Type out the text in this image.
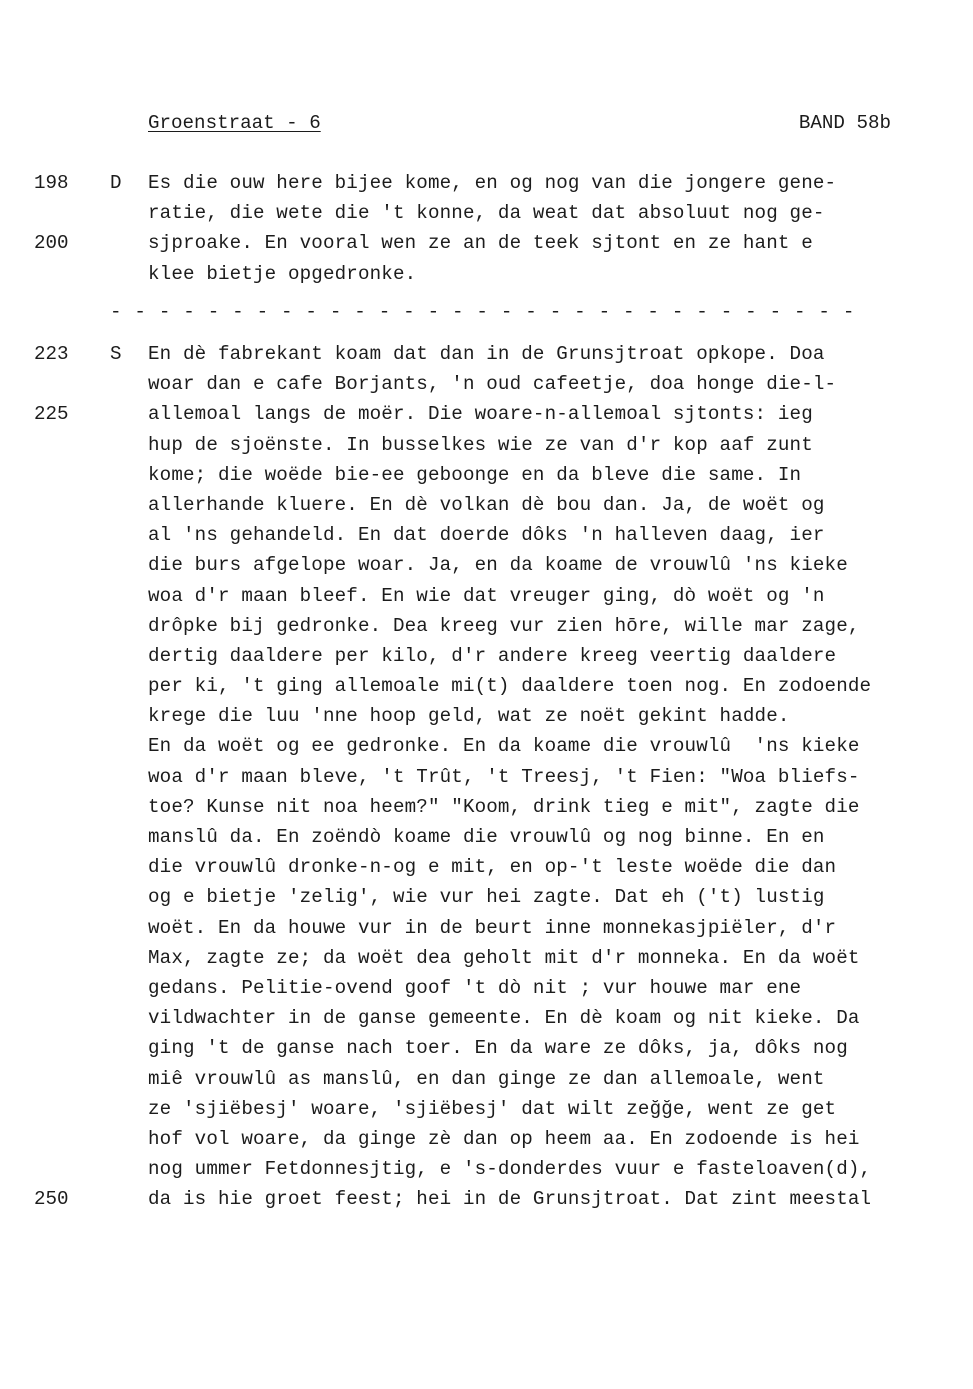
Groenstraat - 6	BAND 58b
198 D Es die ouw here bijee kome, en og nog van die jongere gene-
ratie, die wete die 't konne, da weat dat absoluut nog ge-
200	sjproake. En vooral wen ze an de teek sjtont en ze hant e
klee bietje opgedronke.
- - - - - - - - - - - - - - - - - - - - - - - - - - - - - - -
223 S En dè fabrekant koam dat dan in de Grunsjtroat opkope. Doa
woar dan e cafe Borjants, 'n oud cafeetje, doa honge die-l-
225	allemoal langs de moër. Die woare-n-allemoal sjtonts: ieg
hup de sjoënste. In busselkes wie ze van d'r kop aaf zunt
kome; die woëde bie-ee geboonge en da bleve die same. In
allerhande kluere. En dè volkan dè bou dan. Ja, de woët og
al 'ns gehandeld. En dat doerde dôks 'n halleven daag, ier
die burs afgelope woar. Ja, en da koame de vrouwlû 'ns kieke
woa d'r maan bleef. En wie dat vreuger ging, dò woët og 'n
drôpke bij gedronke. Dea kreeg vur zien hōre, wille mar zage,
dertig daaldere per kilo, d'r andere kreeg veertig daaldere
per ki, 't ging allemoale mi(t) daaldere toen nog. En zodoende
krege die luu 'nne hoop geld, wat ze noët gekint hadde.
En da woët og ee gedronke. En da koame die vrouwlû  'ns kieke
woa d'r maan bleve, 't Trût, 't Treesj, 't Fien: "Woa bliefs-
toe? Kunse nit noa heem?" "Koom, drink tieg e mit", zagte die
manslû da. En zoëndò koame die vrouwlû og nog binne. En en
die vrouwlû dronke-n-og e mit, en op-'t leste woëde die dan
og e bietje 'zelig', wie vur hei zagte. Dat eh ('t) lustig
woët. En da houwe vur in de beurt inne monnekasjpiëler, d'r
Max, zagte ze; da woët dea geholt mit d'r monneka. En da woët
gedans. Pelitie-ovend goof 't dò nit ; vur houwe mar ene
vildwachter in de ganse gemeente. En dè koam og nit kieke. Da
ging 't de ganse nach toer. En da ware ze dôks, ja, dôks nog
miê vrouwlû as manslû, en dan ginge ze dan allemoale, went
ze 'sjiëbesj' woare, 'sjiëbesj' dat wilt zeğğe, went ze get
hof vol woare, da ginge zè dan op heem aa. En zodoende is hei
nog ummer Fetdonnesjtig, e 's-donderdes vuur e fasteloaven(d),
250	da is hie groet feest; hei in de Grunsjtroat. Dat zint meestal
